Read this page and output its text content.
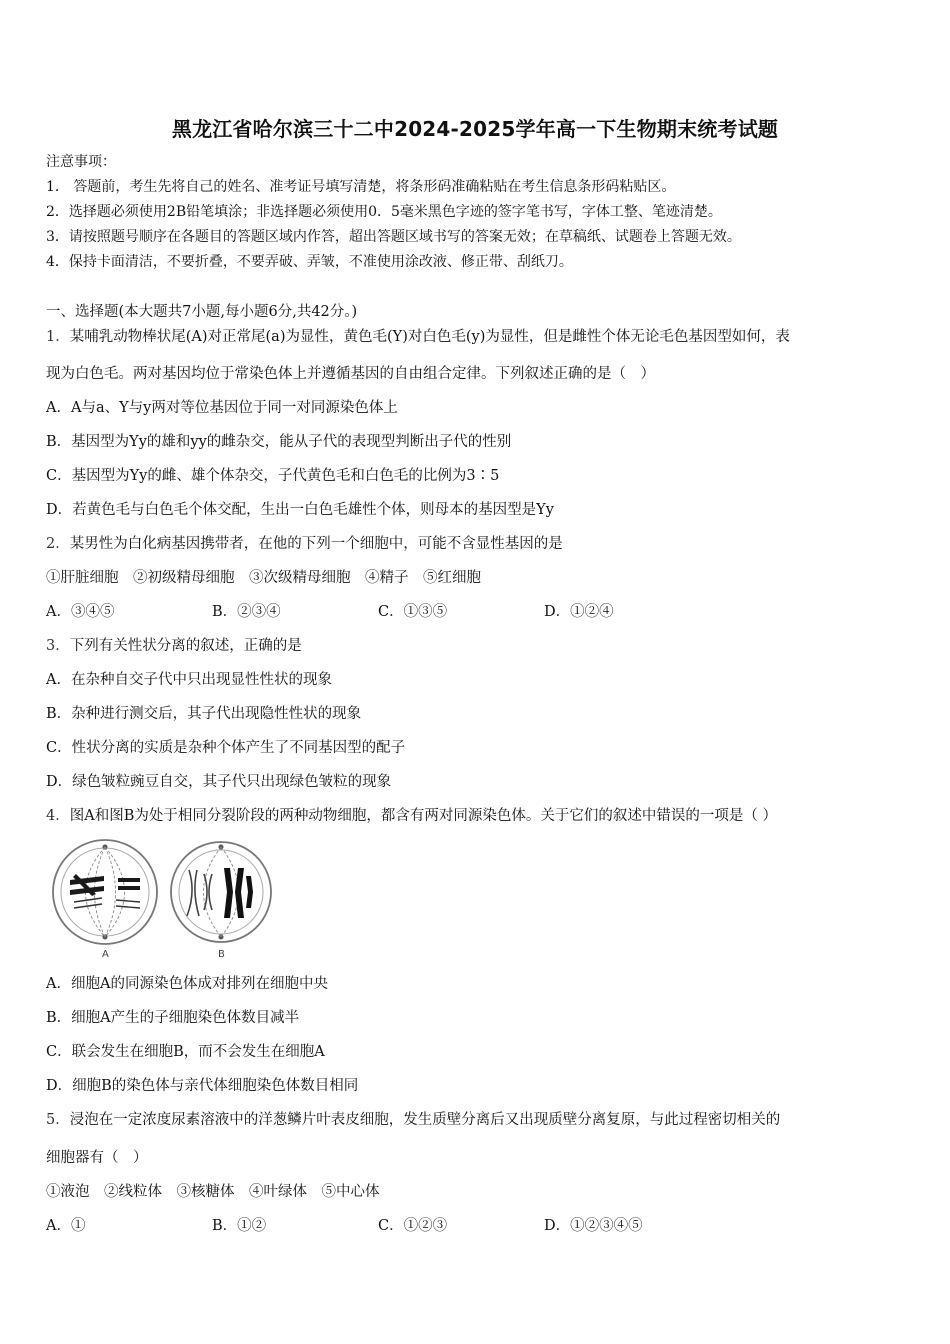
黑龙江省哈尔滨三十二中2024-2025学年高一下生物期末统考试题
注意事项：
1． 答题前，考生先将自己的姓名、准考证号填写清楚，将条形码准确粘贴在考生信息条形码粘贴区。
2．选择题必须使用2B铅笔填涂；非选择题必须使用0．5毫米黑色字迹的签字笔书写，字体工整、笔迹清楚。
3．请按照题号顺序在各题目的答题区域内作答，超出答题区域书写的答案无效；在草稿纸、试题卷上答题无效。
4．保持卡面清洁，不要折叠，不要弄破、弄皱，不准使用涂改液、修正带、刮纸刀。
一、选择题(本大题共7小题,每小题6分,共42分。)
1．某哺乳动物棒状尾(A)对正常尾(a)为显性，黄色毛(Y)对白色毛(y)为显性，但是雌性个体无论毛色基因型如何，表
现为白色毛。两对基因均位于常染色体上并遵循基因的自由组合定律。下列叙述正确的是（　）
A．A与a、Y与y两对等位基因位于同一对同源染色体上
B．基因型为Yy的雄和yy的雌杂交，能从子代的表现型判断出子代的性别
C．基因型为Yy的雌、雄个体杂交，子代黄色毛和白色毛的比例为3∶5
D．若黄色毛与白色毛个体交配，生出一白色毛雄性个体，则母本的基因型是Yy
2．某男性为白化病基因携带者，在他的下列一个细胞中，可能不含显性基因的是
①肝脏细胞　②初级精母细胞　③次级精母细胞　④精子　⑤红细胞
A．③④⑤	B．②③④	C．①③⑤	D．①②④
3．下列有关性状分离的叙述，正确的是
A．在杂种自交子代中只出现显性性状的现象
B．杂种进行测交后，其子代出现隐性性状的现象
C．性状分离的实质是杂种个体产生了不同基因型的配子
D．绿色皱粒豌豆自交，其子代只出现绿色皱粒的现象
4．图A和图B为处于相同分裂阶段的两种动物细胞，都含有两对同源染色体。关于它们的叙述中错误的一项是（ ）
A	B
A．细胞A的同源染色体成对排列在细胞中央
B．细胞A产生的子细胞染色体数目减半
C．联会发生在细胞B，而不会发生在细胞A
D．细胞B的染色体与亲代体细胞染色体数目相同
5．浸泡在一定浓度尿素溶液中的洋葱鳞片叶表皮细胞，发生质壁分离后又出现质壁分离复原，与此过程密切相关的
细胞器有（　）
①液泡　②线粒体　③核糖体　④叶绿体　⑤中心体
A．①	B．①②	C．①②③	D．①②③④⑤
